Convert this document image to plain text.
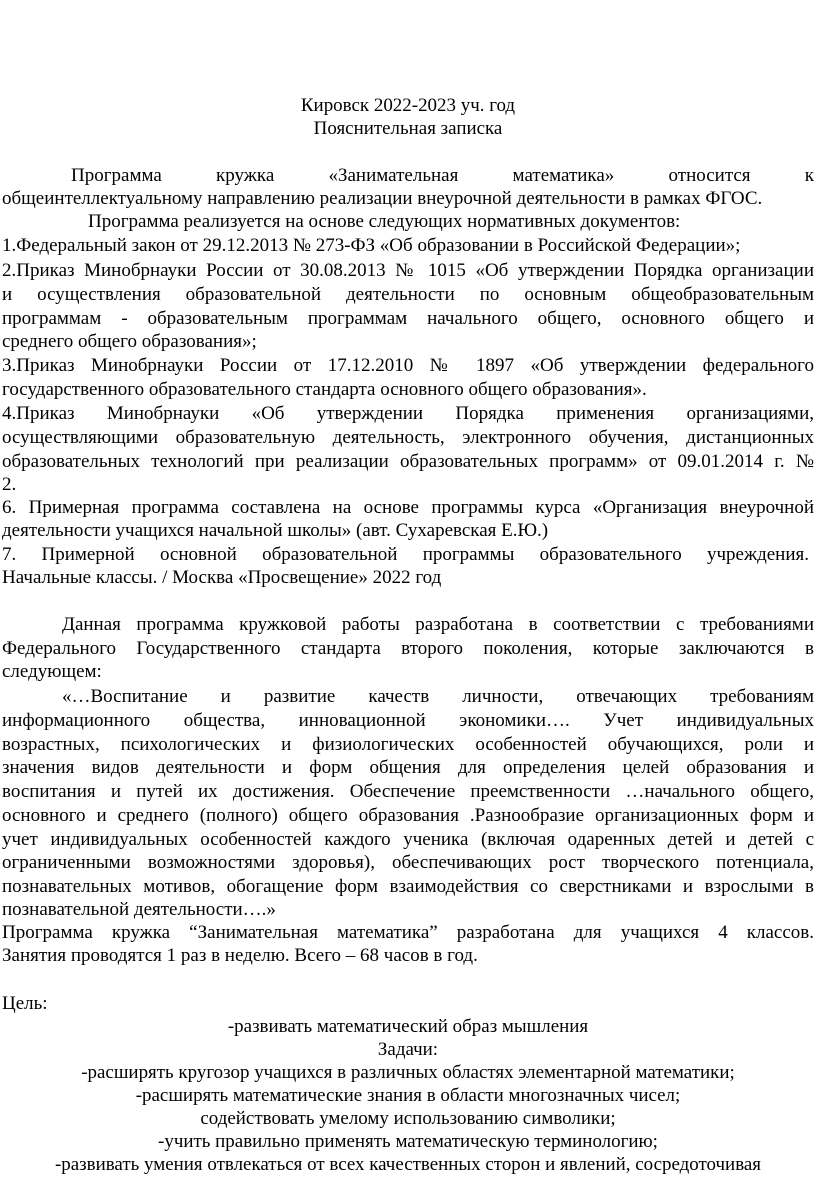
Кировск 2022-2023 уч. год
Пояснительная записка
Программа кружка «Занимательная математика» относится к
общеинтеллектуальному направлению реализации внеурочной деятельности в рамках ФГОС.
Программа реализуется на основе следующих нормативных документов:
1.Федеральный закон от 29.12.2013 № 273-ФЗ «Об образовании в Российской Федерации»;
2.Приказ Минобрнауки России от 30.08.2013 № 1015 «Об утверждении Порядка организации
и осуществления образовательной деятельности по основным общеобразовательным
программам - образовательным программам начального общего, основного общего и
среднего общего образования»;
3.Приказ Минобрнауки России от 17.12.2010 № 1897 «Об утверждении федерального
государственного образовательного стандарта основного общего образования».
4.Приказ Минобрнауки «Об утверждении Порядка применения организациями,
осуществляющими образовательную деятельность, электронного обучения, дистанционных
образовательных технологий при реализации образовательных программ» от 09.01.2014 г. №
2.
6. Примерная программа составлена на основе программы курса «Организация внеурочной
деятельности учащихся начальной школы» (авт. Сухаревская Е.Ю.)
7. Примерной основной образовательной программы образовательного учреждения.
Начальные классы. / Москва «Просвещение» 2022 год
Данная программа кружковой работы разработана в соответствии с требованиями
Федерального Государственного стандарта второго поколения, которые заключаются в
следующем:
«…Воспитание и развитие качеств личности, отвечающих требованиям
информационного общества, инновационной экономики…. Учет индивидуальных
возрастных, психологических и физиологических особенностей обучающихся, роли и
значения видов деятельности и форм общения для определения целей образования и
воспитания и путей их достижения. Обеспечение преемственности …начального общего,
основного и среднего (полного) общего образования .Разнообразие организационных форм и
учет индивидуальных особенностей каждого ученика (включая одаренных детей и детей с
ограниченными возможностями здоровья), обеспечивающих рост творческого потенциала,
познавательных мотивов, обогащение форм взаимодействия со сверстниками и взрослыми в
познавательной деятельности….»
Программа кружка “Занимательная математика” разработана для учащихся 4 классов.
Занятия проводятся 1 раз в неделю. Всего – 68 часов в год.
Цель:
-развивать математический образ мышления
Задачи:
-расширять кругозор учащихся в различных областях элементарной математики;
-расширять математические знания в области многозначных чисел;
содействовать умелому использованию символики;
-учить правильно применять математическую терминологию;
-развивать умения отвлекаться от всех качественных сторон и явлений, сосредоточивая
